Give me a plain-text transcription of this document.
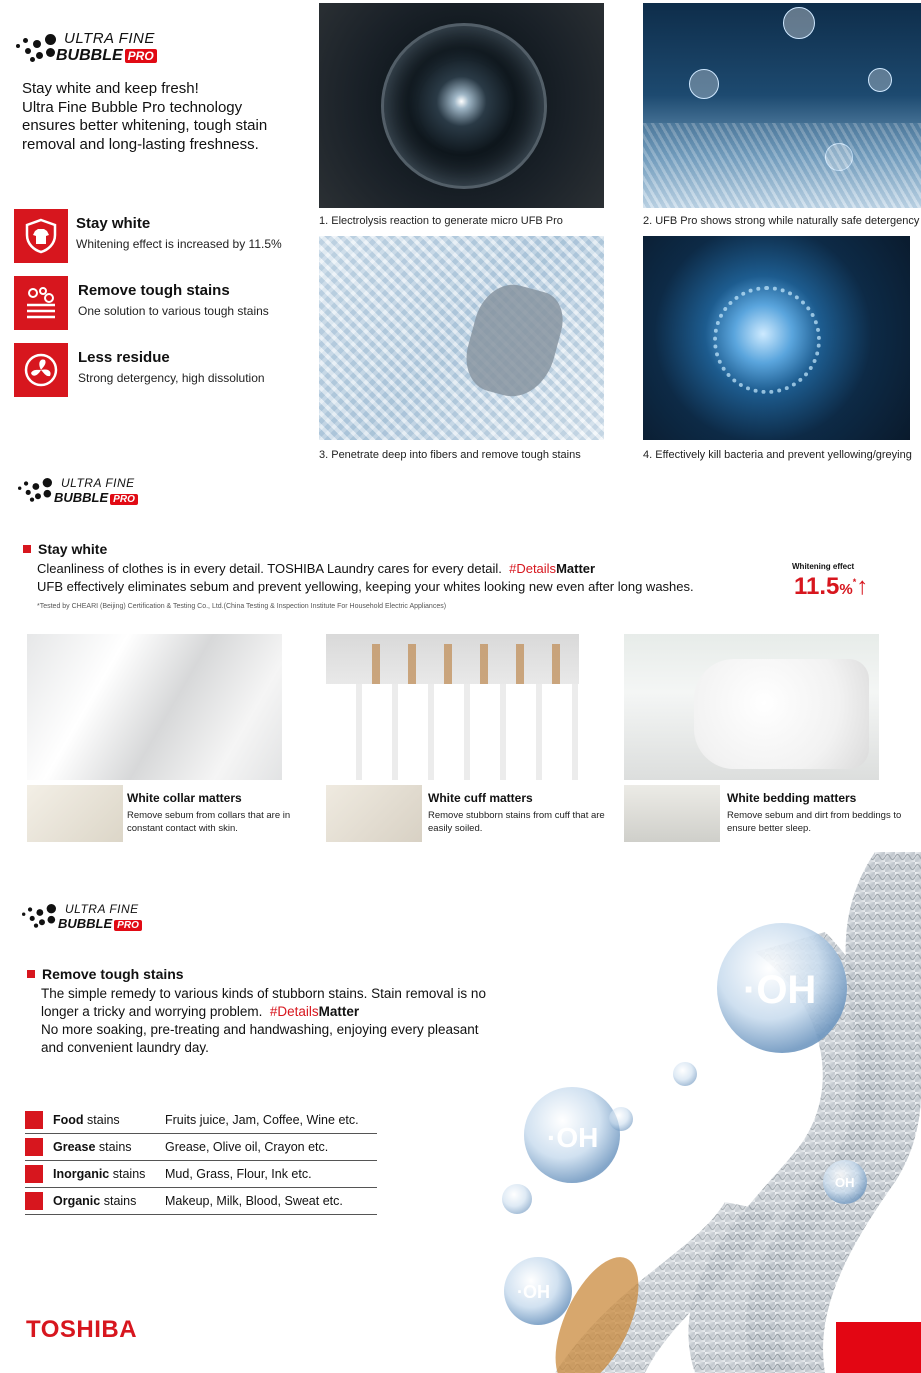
ULTRA FINE
BUBBLE PRO

Stay white and keep fresh!

Ultra Fine Bubble Pro technology

ensures better whitening, tough stain

removal and long-lasting freshness.

Stay white
Whitening effect is increased by 11.5%
Remove tough stains
One solution to various tough stains
Less residue
Strong detergency, high dissolution
1. Electrolysis reaction to generate micro UFB Pro	2. UFB Pro shows strong while naturally safe detergency
3. Penetrate deep into fibers and remove tough stains	4. Effectively kill bacteria and prevent yellowing/greying
ULTRA FINE
BUBBLE PRO
Stay white
Cleanliness of clothes is in every detail. TOSHIBA Laundry cares for every detail. #DetailsMatter
UFB effectively eliminates sebum and prevent yellowing, keeping your whites looking new even after long washes.
*Tested by CHEARI (Beijing) Certification & Testing Co., Ltd.(China Testing & Inspection Institute For Household Electric Appliances)
Whitening effect
11.5%*↑
White collar matters
Remove sebum from collars that are in constant contact with skin.
White cuff matters
Remove stubborn stains from cuff that are easily soiled.
White bedding matters
Remove sebum and dirt from beddings to ensure better sleep.
·OH
·OH
OH
·OH
ULTRA FINE
BUBBLE PRO
Remove tough stains
The simple remedy to various kinds of stubborn stains. Stain removal is no
longer a tricky and worrying problem. #DetailsMatter
No more soaking, pre-treating and handwashing, enjoying every pleasant
and convenient laundry day.
	Food stains	Fruits juice, Jam, Coffee, Wine etc.
	Grease stains	Grease, Olive oil, Crayon etc.
	Inorganic stains	Mud, Grass, Flour, Ink etc.
	Organic stains	Makeup, Milk, Blood, Sweat etc.
TOSHIBA
